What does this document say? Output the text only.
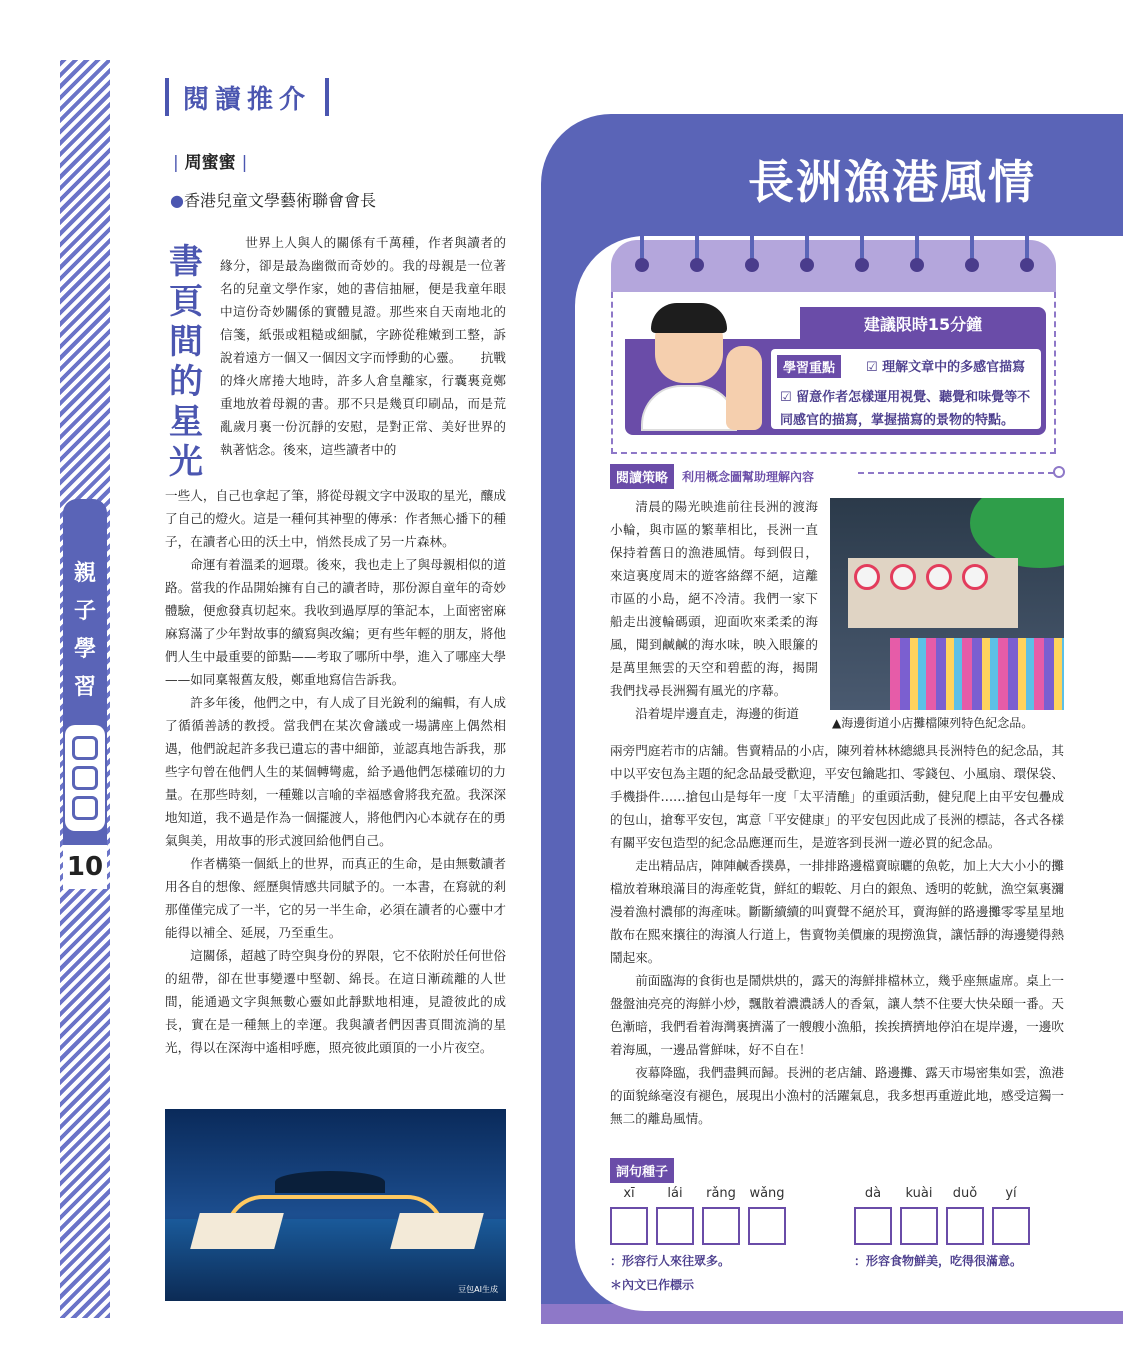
親子學習
10
閱讀推介
| 周蜜蜜 |
●香港兒童文學藝術聯會會長
書頁間的星光

世界上人與人的關係有千萬種，作者與讀者的緣分，卻是最為幽微而奇妙的。我的母親是一位著名的兒童文學作家，她的書信抽屜，便是我童年眼中這份奇妙關係的實體見證。那些來自天南地北的信箋，紙張或粗糙或細膩，字跡從稚嫩到工整，訴說着遠方一個又一個因文字而悸動的心靈。　　抗戰的烽火席捲大地時，許多人倉皇離家，行囊裏竟鄭重地放着母親的書。那不只是幾頁印刷品，而是荒亂歲月裏一份沉靜的安慰，是對正常、美好世界的執著惦念。後來，這些讀者中的

一些人，自己也拿起了筆，將從母親文字中汲取的星光，釀成了自己的燈火。這是一種何其神聖的傳承：作者無心播下的種子，在讀者心田的沃土中，悄然長成了另一片森林。

命運有着溫柔的迴環。後來，我也走上了與母親相似的道路。當我的作品開始擁有自己的讀者時，那份源自童年的奇妙體驗，便愈發真切起來。我收到過厚厚的筆記本，上面密密麻麻寫滿了少年對故事的續寫與改編；更有些年輕的朋友，將他們人生中最重要的節點——考取了哪所中學，進入了哪座大學——如同稟報舊友般，鄭重地寫信告訴我。

許多年後，他們之中，有人成了目光銳利的編輯，有人成了循循善誘的教授。當我們在某次會議或一場講座上偶然相遇，他們說起許多我已遺忘的書中細節，並認真地告訴我，那些字句曾在他們人生的某個轉彎處，給予過他們怎樣確切的力量。在那些時刻，一種難以言喻的幸福感會將我充盈。我深深地知道，我不過是作為一個擺渡人，將他們內心本就存在的勇氣與美，用故事的形式渡回給他們自己。

作者構築一個紙上的世界，而真正的生命，是由無數讀者用各自的想像、經歷與情感共同賦予的。一本書，在寫就的剎那僅僅完成了一半，它的另一半生命，必須在讀者的心靈中才能得以補全、延展，乃至重生。

這關係，超越了時空與身份的界限，它不依附於任何世俗的紐帶，卻在世事變遷中堅韌、綿長。在這日漸疏離的人世間，能通過文字與無數心靈如此靜默地相連，見證彼此的成長，實在是一種無上的幸運。我與讀者們因書頁間流淌的星光，得以在深海中遙相呼應，照亮彼此頭頂的一小片夜空。

豆包AI生成
長洲漁港風情
建議限時15分鐘
學習重點	☑ 理解文章中的多感官描寫
☑ 留意作者怎樣運用視覺、聽覺和味覺等不同感官的描寫，掌握描寫的景物的特點。
閱讀策略	利用概念圖幫助理解內容
▲海邊街道小店攤檔陳列特色紀念品。

清晨的陽光映進前往長洲的渡海小輪，與市區的繁華相比，長洲一直保持着舊日的漁港風情。每到假日，來這裏度周末的遊客絡繹不絕，這離市區的小島，絕不冷清。我們一家下船走出渡輪碼頭，迎面吹來柔柔的海風，聞到鹹鹹的海水味，映入眼簾的是萬里無雲的天空和碧藍的海，揭開我們找尋長洲獨有風光的序幕。

沿着堤岸邊直走，海邊的街道

兩旁門庭若市的店舖。售賣精品的小店，陳列着林林總總具長洲特色的紀念品，其中以平安包為主題的紀念品最受歡迎，平安包鑰匙扣、零錢包、小風扇、環保袋、手機掛件……搶包山是每年一度「太平清醮」的重頭活動，健兒爬上由平安包疊成的包山，搶奪平安包，寓意「平安健康」的平安包因此成了長洲的標誌，各式各樣有關平安包造型的紀念品應運而生，是遊客到長洲一遊必買的紀念品。

走出精品店，陣陣鹹香撲鼻，一排排路邊檔賣晾曬的魚乾，加上大大小小的攤檔放着琳琅滿目的海產乾貨，鮮紅的蝦乾、月白的銀魚、透明的乾魷，漁空氣裏瀰漫着漁村濃郁的海產味。斷斷續續的叫賣聲不絕於耳，賣海鮮的路邊攤零零星星地散布在熙來攘往的海濱人行道上，售賣物美價廉的現撈漁貨，讓恬靜的海邊變得熱鬧起來。

前面臨海的食街也是鬧烘烘的，露天的海鮮排檔林立，幾乎座無虛席。桌上一盤盤油亮亮的海鮮小炒，飄散着濃濃誘人的香氣，讓人禁不住要大快朵頤一番。天色漸暗，我們看着海灣裏擠滿了一艘艘小漁船，挨挨擠擠地停泊在堤岸邊，一邊吹着海風，一邊品嘗鮮味，好不自在！

夜幕降臨，我們盡興而歸。長洲的老店舖、路邊攤、露天市場密集如雲，漁港的面貌絲毫沒有褪色，展現出小漁村的活躍氣息，我多想再重遊此地，感受這獨一無二的離島風情。

詞句種子
xī	lái	rǎng	wǎng	dà	kuài	duǒ	yí
：形容行人來往眾多。	：形容食物鮮美，吃得很滿意。
＊內文已作標示
